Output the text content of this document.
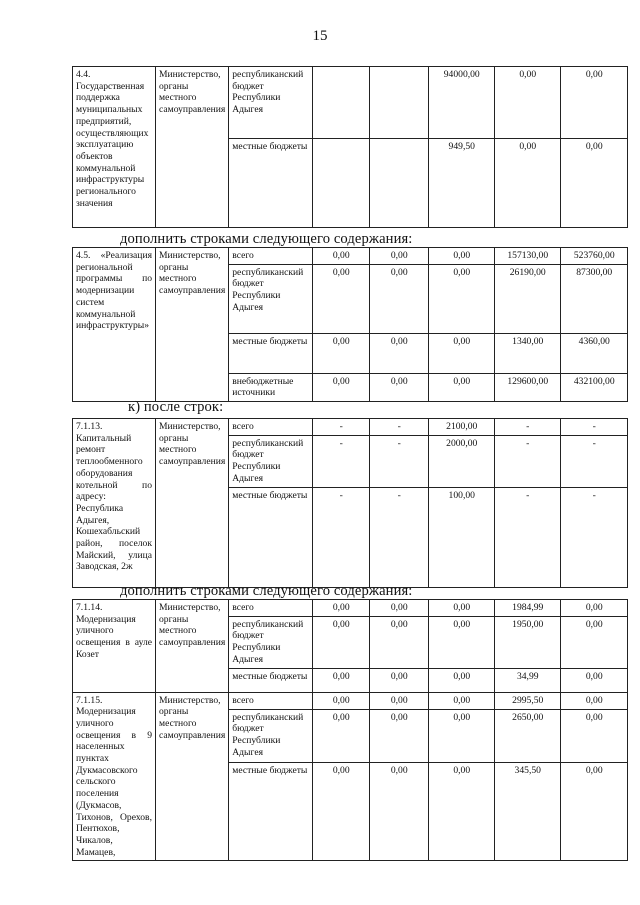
15
4.4. Государственная поддержка муниципальных предприятий, осуществляющих эксплуатацию объектов коммунальной инфраструктуры регионального значения	Министерство, органы местного самоуправления	республиканский бюджет Республики Адыгея			94000,00	0,00	0,00
		местные бюджеты			949,50	0,00	0,00
дополнить строками следующего содержания:
4.5. «Реализация региональной программы по модернизации систем коммунальной инфраструктуры»	Министерство, органы местного самоуправления	всего	0,00	0,00	0,00	157130,00	523760,00
		республиканский бюджет Республики Адыгея	0,00	0,00	0,00	26190,00	87300,00
		местные бюджеты	0,00	0,00	0,00	1340,00	4360,00
		внебюджетные источники	0,00	0,00	0,00	129600,00	432100,00
к) после строк:
7.1.13. Капитальный ремонт теплообменного оборудования котельной по адресу: Республика Адыгея, Кошехабльский район, поселок Майский, улица Заводская, 2ж	Министерство, органы местного самоуправления	всего	-	-	2100,00	-	-
		республиканский бюджет Республики Адыгея	-	-	2000,00	-	-
		местные бюджеты	-	-	100,00	-	-
дополнить строками следующего содержания:
7.1.14. Модернизация уличного освещения в ауле Козет	Министерство, органы местного самоуправления	всего	0,00	0,00	0,00	1984,99	0,00
		республиканский бюджет Республики Адыгея	0,00	0,00	0,00	1950,00	0,00
		местные бюджеты	0,00	0,00	0,00	34,99	0,00
7.1.15. Модернизация уличного освещения в 9 населенных пунктах Дукмасовского сельского поселения (Дукмасов, Тихонов, Орехов, Пентюхов, Чикалов, Мамацев,	Министерство, органы местного самоуправления	всего	0,00	0,00	0,00	2995,50	0,00
		республиканский бюджет Республики Адыгея	0,00	0,00	0,00	2650,00	0,00
		местные бюджеты	0,00	0,00	0,00	345,50	0,00
